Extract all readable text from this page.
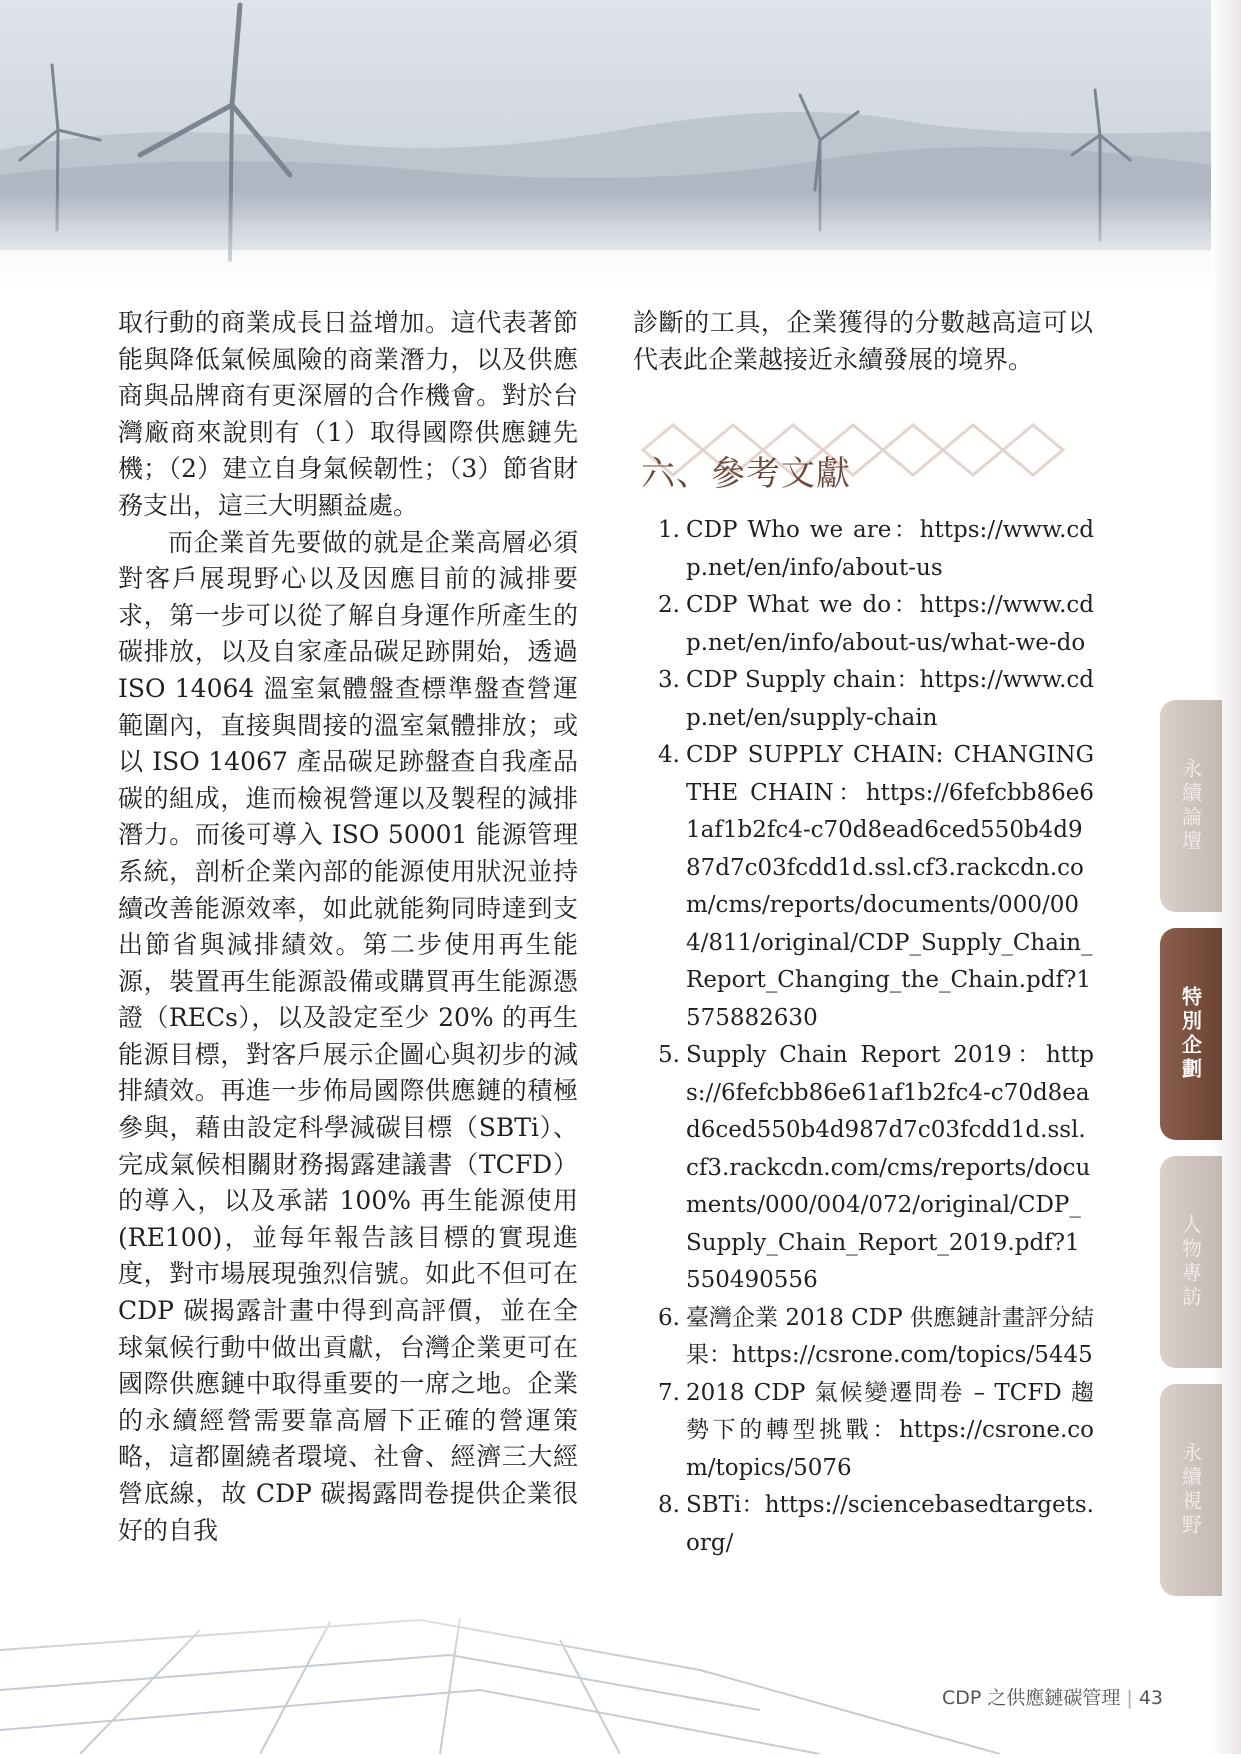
取行動的商業成長日益增加。這代表著節能與降低氣候風險的商業潛力，以及供應商與品牌商有更深層的合作機會。對於台灣廠商來說則有（1）取得國際供應鏈先機；（2）建立自身氣候韌性；（3）節省財務支出，這三大明顯益處。

而企業首先要做的就是企業高層必須對客戶展現野心以及因應目前的減排要求，第一步可以從了解自身運作所產生的碳排放，以及自家產品碳足跡開始，透過 ISO 14064 溫室氣體盤查標準盤查營運範圍內，直接與間接的溫室氣體排放；或以 ISO 14067 產品碳足跡盤查自我產品碳的組成，進而檢視營運以及製程的減排潛力。而後可導入 ISO 50001 能源管理系統，剖析企業內部的能源使用狀況並持續改善能源效率，如此就能夠同時達到支出節省與減排績效。第二步使用再生能源，裝置再生能源設備或購買再生能源憑證（RECs），以及設定至少 20% 的再生能源目標，對客戶展示企圖心與初步的減排績效。再進一步佈局國際供應鏈的積極參與，藉由設定科學減碳目標（SBTi）、完成氣候相關財務揭露建議書（TCFD）的導入，以及承諾 100% 再生能源使用 (RE100)，並每年報告該目標的實現進度，對市場展現強烈信號。如此不但可在 CDP 碳揭露計畫中得到高評價，並在全球氣候行動中做出貢獻，台灣企業更可在國際供應鏈中取得重要的一席之地。企業的永續經營需要靠高層下正確的營運策略，這都圍繞者環境、社會、經濟三大經營底線，故 CDP 碳揭露問卷提供企業很好的自我

診斷的工具，企業獲得的分數越高這可以代表此企業越接近永續發展的境界。

六、參考文獻
1. CDP Who we are：https://www.cdp.net/en/info/about-us
2. CDP What we do：https://www.cdp.net/en/info/about-us/what-we-do
3. CDP Supply chain：https://www.cdp.net/en/supply-chain
4. CDP SUPPLY CHAIN: CHANGING THE CHAIN：https://6fefcbb86e61af1b2fc4-c70d8ead6ced550b4d987d7c03fcdd1d.ssl.cf3.rackcdn.com/cms/reports/documents/000/004/811/original/CDP_Supply_Chain_Report_Changing_the_Chain.pdf?1575882630
5. Supply Chain Report 2019：https://6fefcbb86e61af1b2fc4-c70d8ead6ced550b4d987d7c03fcdd1d.ssl.cf3.rackcdn.com/cms/reports/documents/000/004/072/original/CDP_Supply_Chain_Report_2019.pdf?1550490556
6. 臺灣企業 2018 CDP 供應鏈計畫評分結果：https://csrone.com/topics/5445
7. 2018 CDP 氣候變遷問卷 – TCFD 趨勢下的轉型挑戰：https://csrone.com/topics/5076
8. SBTi：https://sciencebasedtargets.org/
永續論壇
特別企劃
人物專訪
永續視野
CDP 之供應鏈碳管理 | 43
